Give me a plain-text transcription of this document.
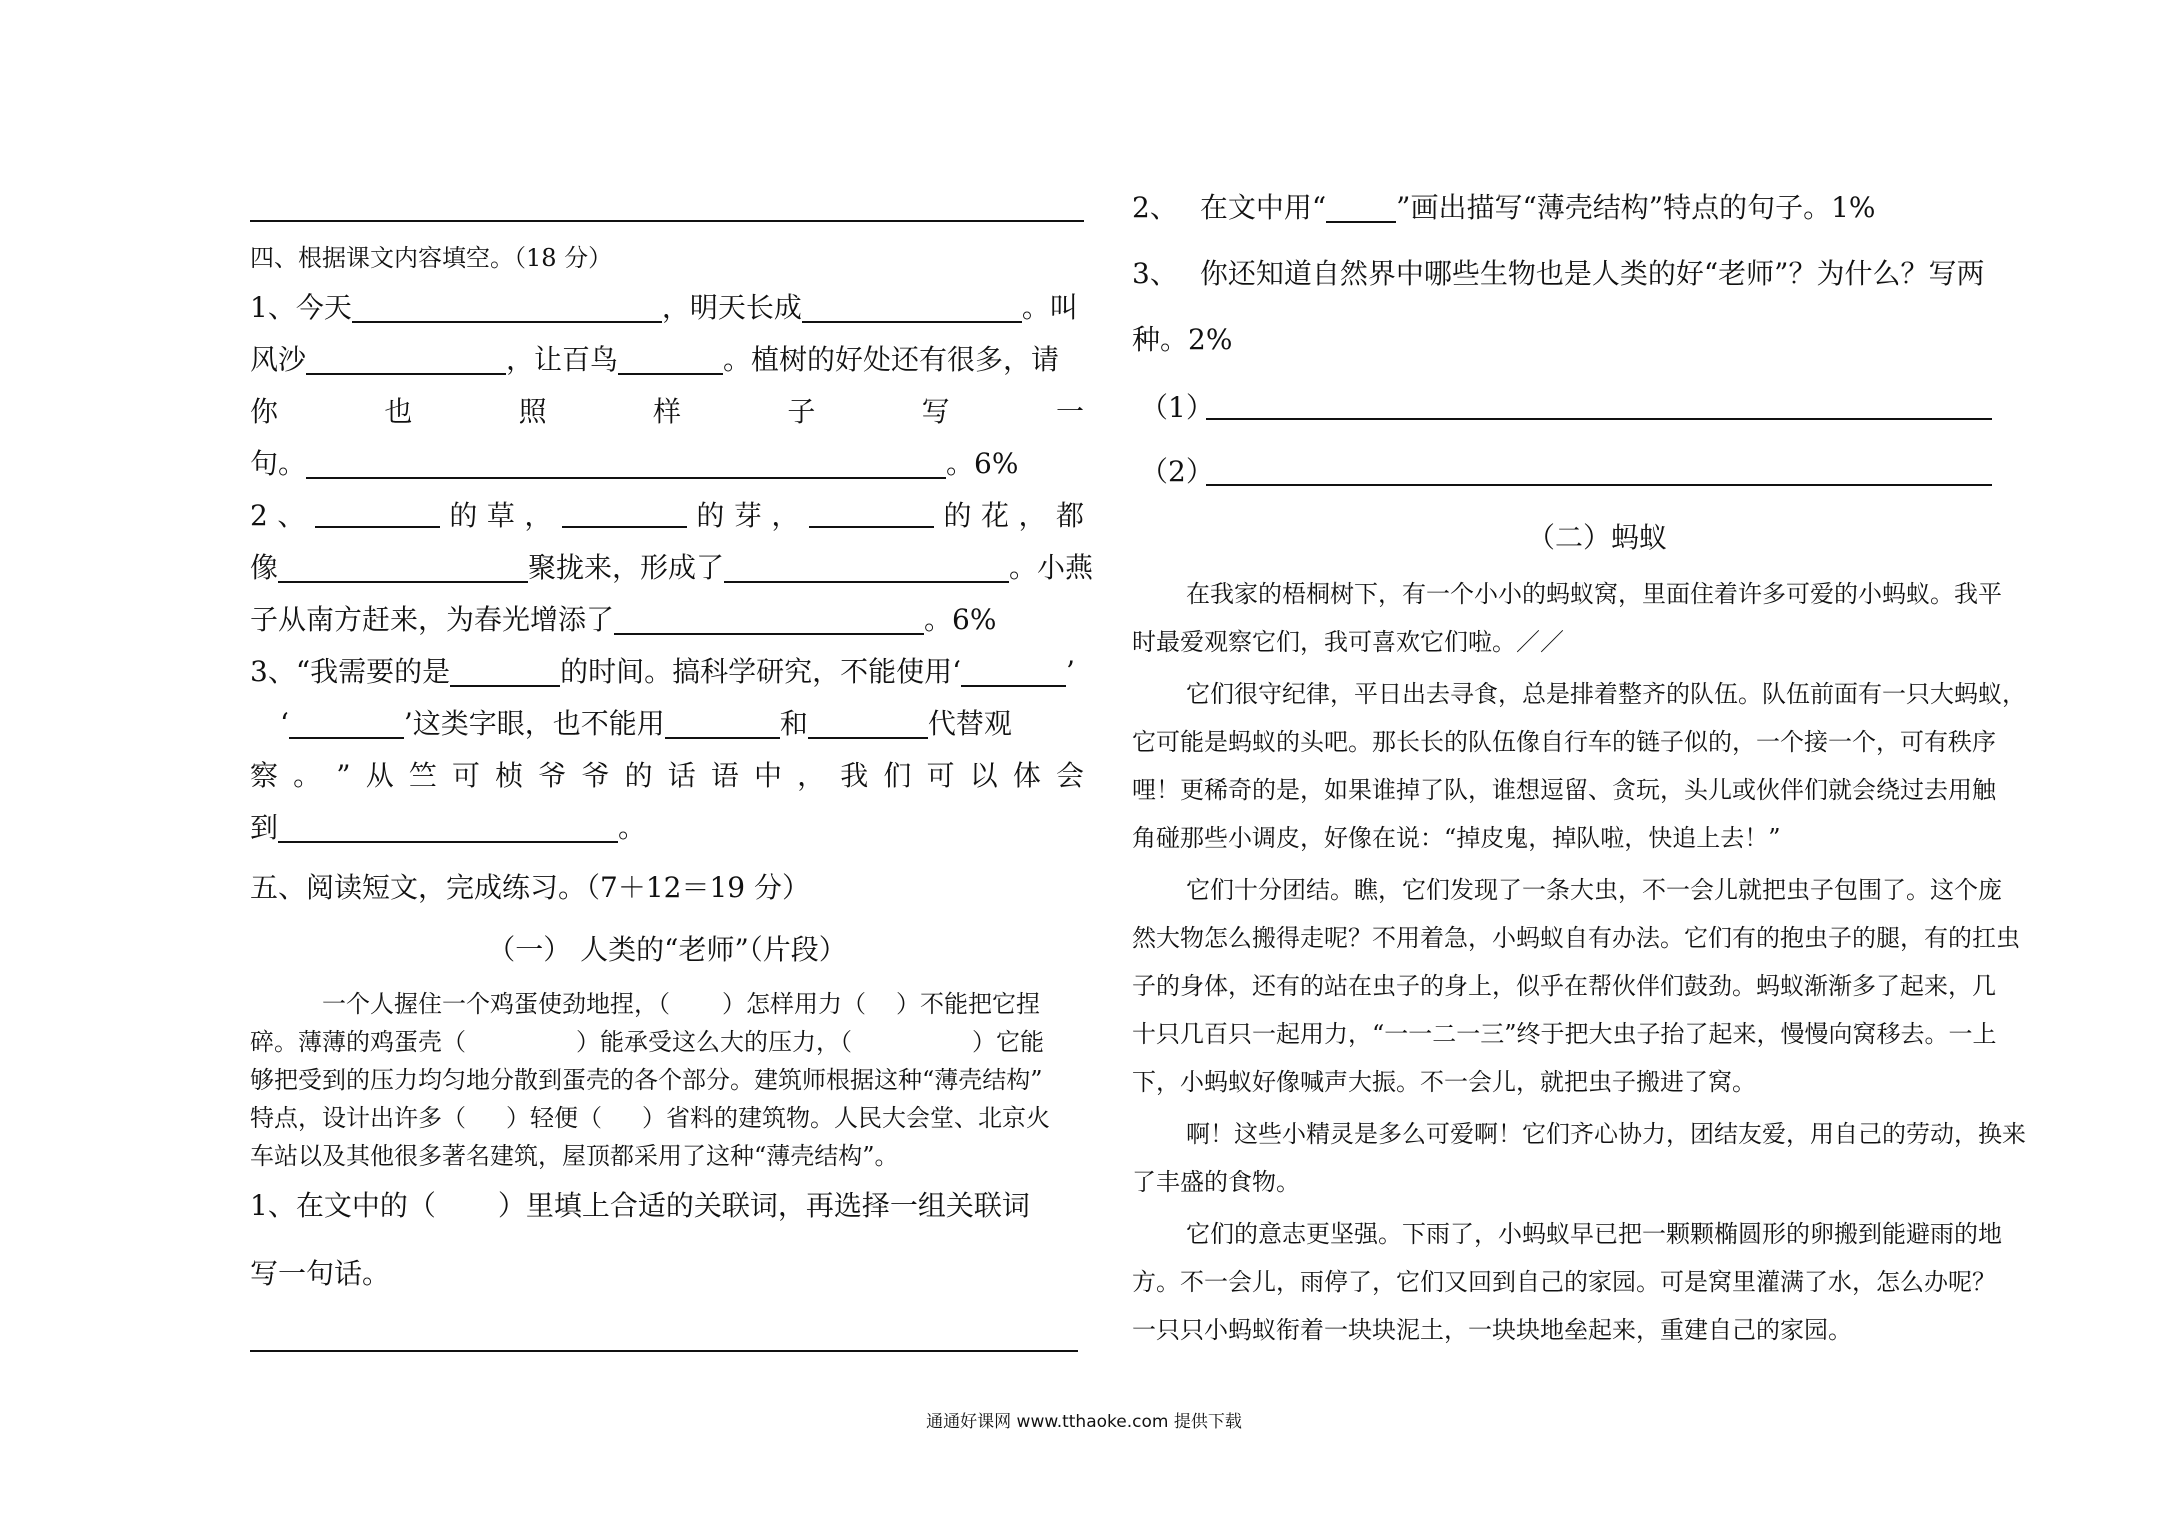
四、根据课文内容填空。（18 分）
1、今天	，明天长成	。叫
风沙	，让百鸟	。植树的好处还有很多，请
你	也	照	样	子	写	一
句。	。6%
2 、	的 草 ，	的 芽 ，	的 花 ， 都
像	聚拢来，形成了	。小燕
子从南方赶来，为春光增添了	。6%
3、“我需要的是	的时间。搞科学研究，不能使用‘	’
‘	’这类字眼，也不能用	和	代替观
察 。 ” 从 竺 可 桢 爷 爷 的 话 语 中 ， 我 们 可 以 体 会
到	。
五、阅读短文，完成练习。（7＋12＝19 分）
（一） 人类的“老师”（片段）
一个人握住一个鸡蛋使劲地捏，（ ）怎样用力（ ）不能把它捏
碎。薄薄的鸡蛋壳（	）能承受这么大的压力，（	）它能
够把受到的压力均匀地分散到蛋壳的各个部分。建筑师根据这种“薄壳结构”
特点，设计出许多（ ）轻便（ ）省料的建筑物。人民大会堂、北京火
车站以及其他很多著名建筑，屋顶都采用了这种“薄壳结构”。
1、在文中的（ ）里填上合适的关联词，再选择一组关联词
写一句话。
2、 在文中用“	”画出描写“薄壳结构”特点的句子。1%
3、 你还知道自然界中哪些生物也是人类的好“老师”？为什么？写两
种。2%
（1）
（2）
（二）蚂蚁
在我家的梧桐树下，有一个小小的蚂蚁窝，里面住着许多可爱的小蚂蚁。我平
时最爱观察它们，我可喜欢它们啦。／／
它们很守纪律，平日出去寻食，总是排着整齐的队伍。队伍前面有一只大蚂蚁，
它可能是蚂蚁的头吧。那长长的队伍像自行车的链子似的，一个接一个，可有秩序
哩！更稀奇的是，如果谁掉了队，谁想逗留、贪玩，头儿或伙伴们就会绕过去用触
角碰那些小调皮，好像在说：“掉皮鬼，掉队啦，快追上去！”
它们十分团结。瞧，它们发现了一条大虫，不一会儿就把虫子包围了。这个庞
然大物怎么搬得走呢？不用着急，小蚂蚁自有办法。它们有的抱虫子的腿，有的扛虫
子的身体，还有的站在虫子的身上，似乎在帮伙伴们鼓劲。蚂蚁渐渐多了起来，几
十只几百只一起用力，“一一二一三”终于把大虫子抬了起来，慢慢向窝移去。一上
下，小蚂蚁好像喊声大振。不一会儿，就把虫子搬进了窝。
啊！这些小精灵是多么可爱啊！它们齐心协力，团结友爱，用自己的劳动，换来
了丰盛的食物。
它们的意志更坚强。下雨了，小蚂蚁早已把一颗颗椭圆形的卵搬到能避雨的地
方。不一会儿，雨停了，它们又回到自己的家园。可是窝里灌满了水，怎么办呢？
一只只小蚂蚁衔着一块块泥土，一块块地垒起来，重建自己的家园。
通通好课网 www.tthaoke.com 提供下载
